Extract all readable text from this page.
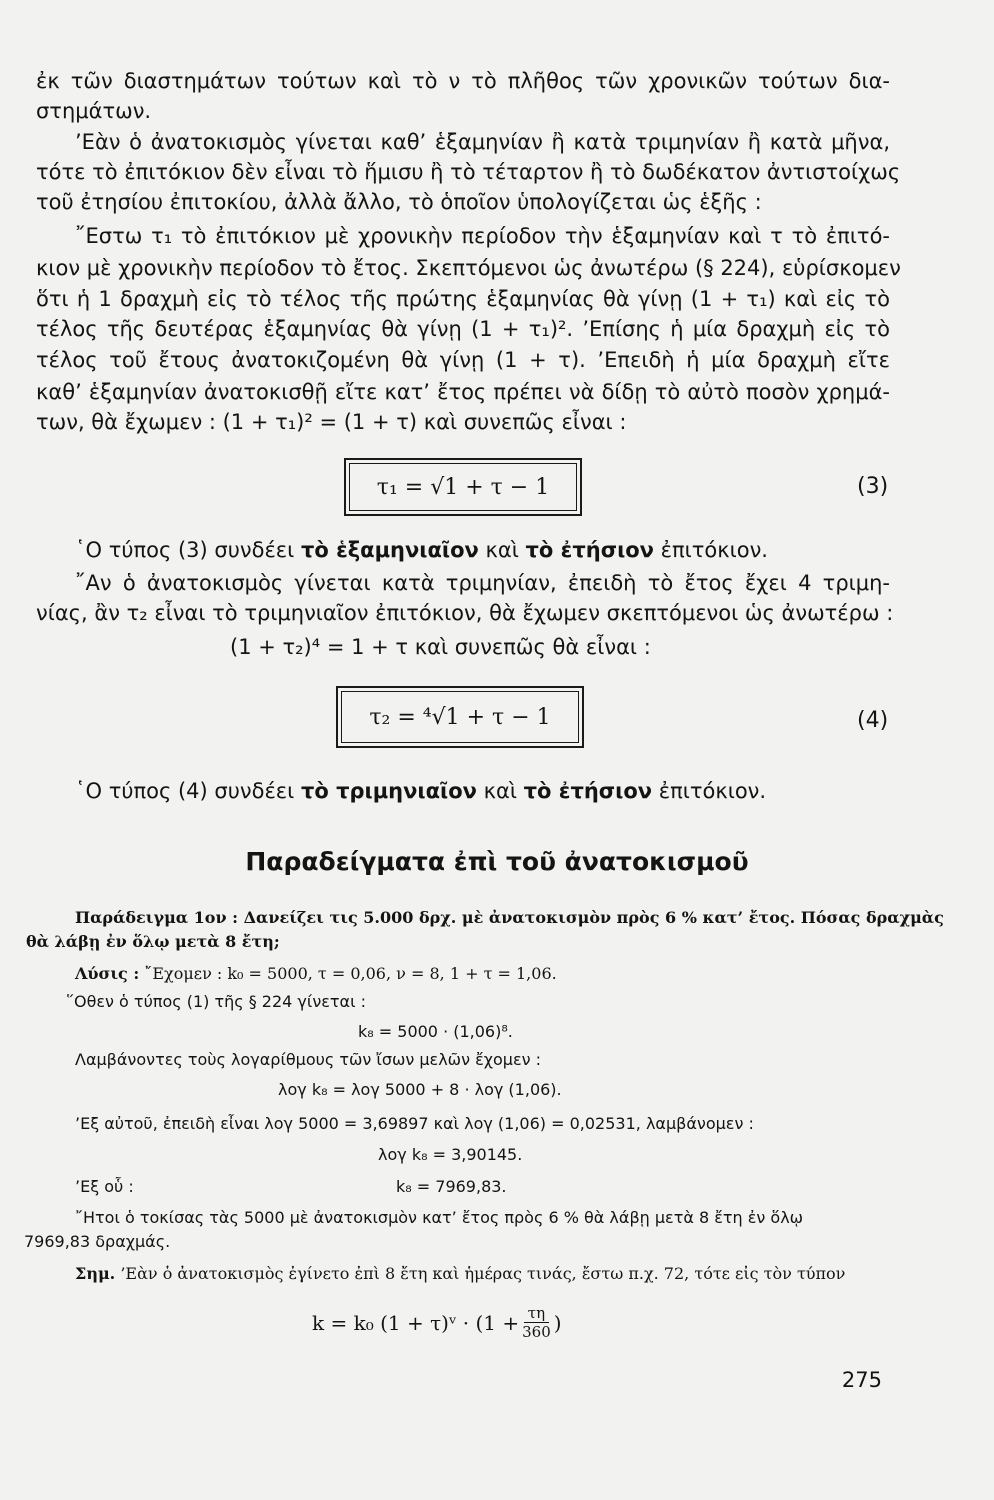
ἐκ τῶν διαστημάτων τούτων καὶ τὸ ν τὸ πλῆθος τῶν χρονικῶν τούτων δια-
στημάτων.
’Εὰν ὁ ἀνατοκισμὸς γίνεται καθ’ ἑξαμηνίαν ἢ κατὰ τριμηνίαν ἢ κατὰ μῆνα,
τότε τὸ ἐπιτόκιον δὲν εἶναι τὸ ἥμισυ ἢ τὸ τέταρτον ἢ τὸ δωδέκατον ἀντιστοίχως
τοῦ ἐτησίου ἐπιτοκίου, ἀλλὰ ἄλλο, τὸ ὁποῖον ὑπολογίζεται ὡς ἑξῆς :
῎Εστω τ₁ τὸ ἐπιτόκιον μὲ χρονικὴν περίοδον τὴν ἑξαμηνίαν καὶ τ τὸ ἐπιτό-
κιον μὲ χρονικὴν περίοδον τὸ ἔτος. Σκεπτόμενοι ὡς ἀνωτέρω (§ 224), εὑρίσκομεν
ὅτι ἡ 1 δραχμὴ εἰς τὸ τέλος τῆς πρώτης ἑξαμηνίας θὰ γίνῃ (1 + τ₁) καὶ εἰς τὸ
τέλος τῆς δευτέρας ἑξαμηνίας θὰ γίνῃ (1 + τ₁)². ’Επίσης ἡ μία δραχμὴ εἰς τὸ
τέλος τοῦ ἔτους ἀνατοκιζομένη θὰ γίνῃ (1 + τ). ’Επειδὴ ἡ μία δραχμὴ εἴτε
καθ’ ἑξαμηνίαν ἀνατοκισθῇ εἴτε κατ’ ἔτος πρέπει νὰ δίδῃ τὸ αὐτὸ ποσὸν χρημά-
των, θὰ ἔχωμεν : (1 + τ₁)² = (1 + τ) καὶ συνεπῶς εἶναι :
τ₁ = √1 + τ − 1	(3)
῾Ο τύπος (3) συνδέει τὸ ἑξαμηνιαῖον καὶ τὸ ἐτήσιον ἐπιτόκιον.
῎Αν ὁ ἀνατοκισμὸς γίνεται κατὰ τριμηνίαν, ἐπειδὴ τὸ ἔτος ἔχει 4 τριμη-
νίας, ἂν τ₂ εἶναι τὸ τριμηνιαῖον ἐπιτόκιον, θὰ ἔχωμεν σκεπτόμενοι ὡς ἀνωτέρω :
(1 + τ₂)⁴ = 1 + τ καὶ συνεπῶς θὰ εἶναι :
τ₂ = ⁴√1 + τ − 1	(4)
῾Ο τύπος (4) συνδέει τὸ τριμηνιαῖον καὶ τὸ ἐτήσιον ἐπιτόκιον.
Παραδείγματα ἐπὶ τοῦ ἀνατοκισμοῦ
Παράδειγμα 1ον : Δανείζει τις 5.000 δρχ. μὲ ἀνατοκισμὸν πρὸς 6 % κατ’ ἔτος. Πόσας δραχμὰς
θὰ λάβῃ ἐν ὅλῳ μετὰ 8 ἔτη;
Λύσις : ῎Εχομεν : k₀ = 5000, τ = 0,06, ν = 8, 1 + τ = 1,06.
῞Οθεν ὁ τύπος (1) τῆς § 224 γίνεται :
k₈ = 5000 · (1,06)⁸.
Λαμβάνοντες τοὺς λογαρίθμους τῶν ἴσων μελῶν ἔχομεν :
λογ k₈ = λογ 5000 + 8 · λογ (1,06).
’Εξ αὐτοῦ, ἐπειδὴ εἶναι λογ 5000 = 3,69897 καὶ λογ (1,06) = 0,02531, λαμβάνομεν :
λογ k₈ = 3,90145.
’Εξ οὗ :	k₈ = 7969,83.
῎Ητοι ὁ τοκίσας τὰς 5000 μὲ ἀνατοκισμὸν κατ’ ἔτος πρὸς 6 % θὰ λάβῃ μετὰ 8 ἔτη ἐν ὅλῳ
7969,83 δραχμάς.
Σημ. ’Εὰν ὁ ἀνατοκισμὸς ἐγίνετο ἐπὶ 8 ἔτη καὶ ἡμέρας τινάς, ἔστω π.χ. 72, τότε εἰς τὸν τύπον
k = k₀ (1 + τ)ᵛ · ($1 + \frac{\tau\eta}{360}$ )
275
